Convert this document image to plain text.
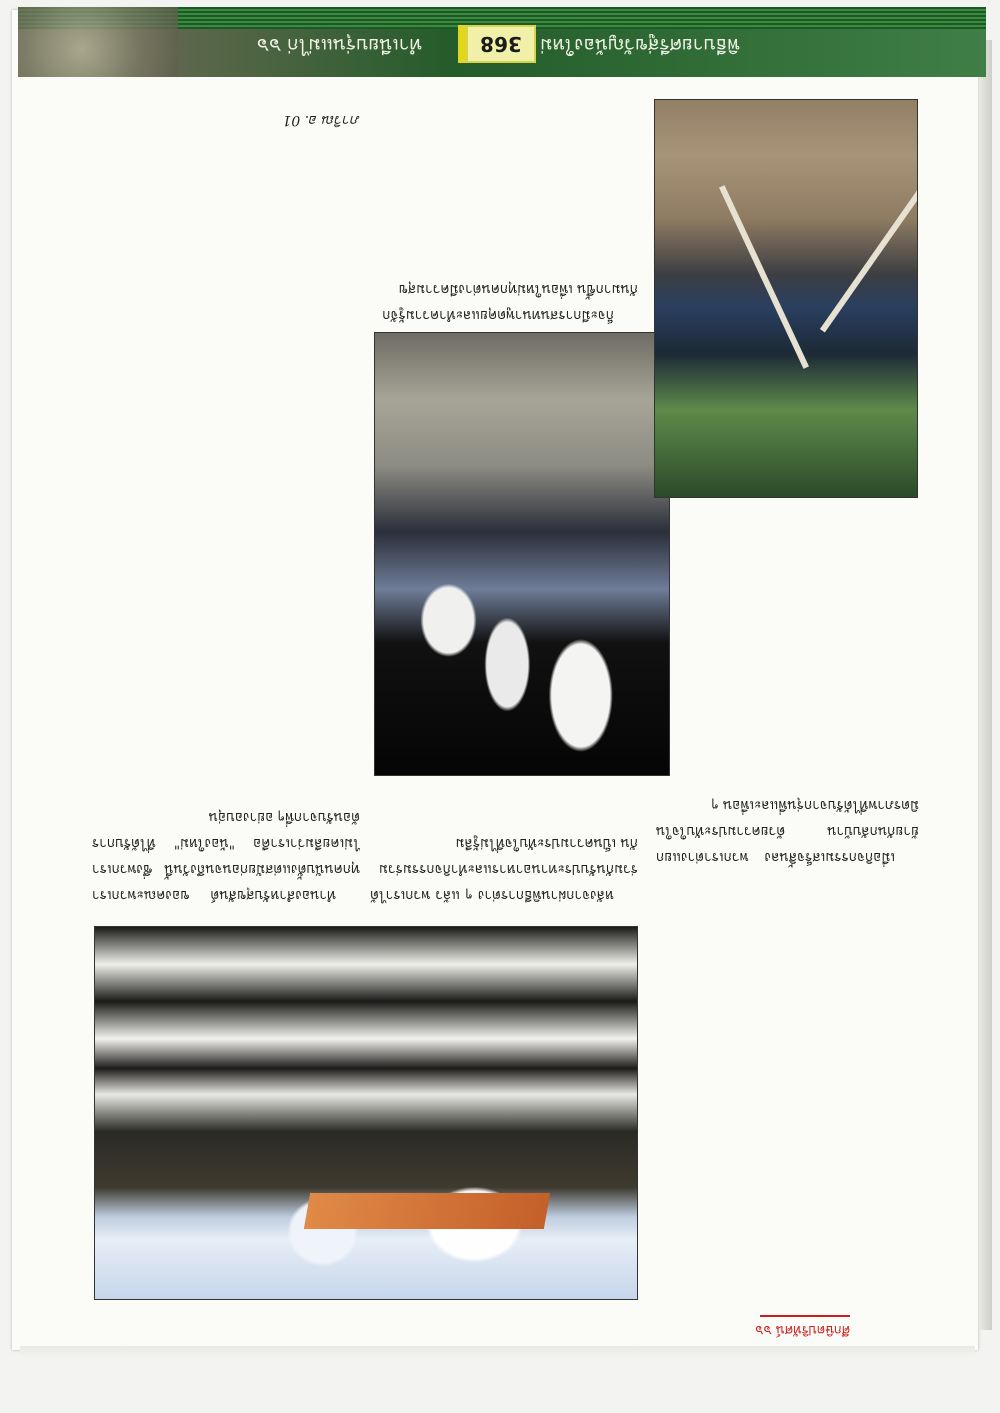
ทำเนียบรุ่นแม่ไก่ ๖๖	368 พิธีบายศรีสู่ขวัญน้องใหม่
ศึกษิตปริทัศน์ ๖๖

ทำนองสำหรับสุขสันต์ ของคณะพวกเราทุกคนนับตั้งแต่สมัยก่อนจนถึงวันนี้ ซึ่งพวกเราไม่เคยลืมว่าเราคือ "น้องใหม่" ที่ได้รับการต้อนรับจากพี่ๆ อย่างอบอุ่น

หลังจากผ่านพิธีการต่าง ๆ แล้ว พวกเราได้ร่วมกันรับประทานอาหารและทำกิจกรรมร่วมกัน เป็นความประทับใจที่ไม่รู้ลืม

ก็จะมีการสนทนาพูดคุยและทำความรู้จักกันมากขึ้น เพื่อนใหม่ทุกคนต่างมีความสุข

เมื่อกิจกรรมเสร็จสิ้นลง พวกเราต่างแยกย้ายกันกลับบ้าน ด้วยความประทับใจในมิตรภาพที่ได้รับจากรุ่นพี่และเพื่อน ๆ

ภาวิณ อ. 01
